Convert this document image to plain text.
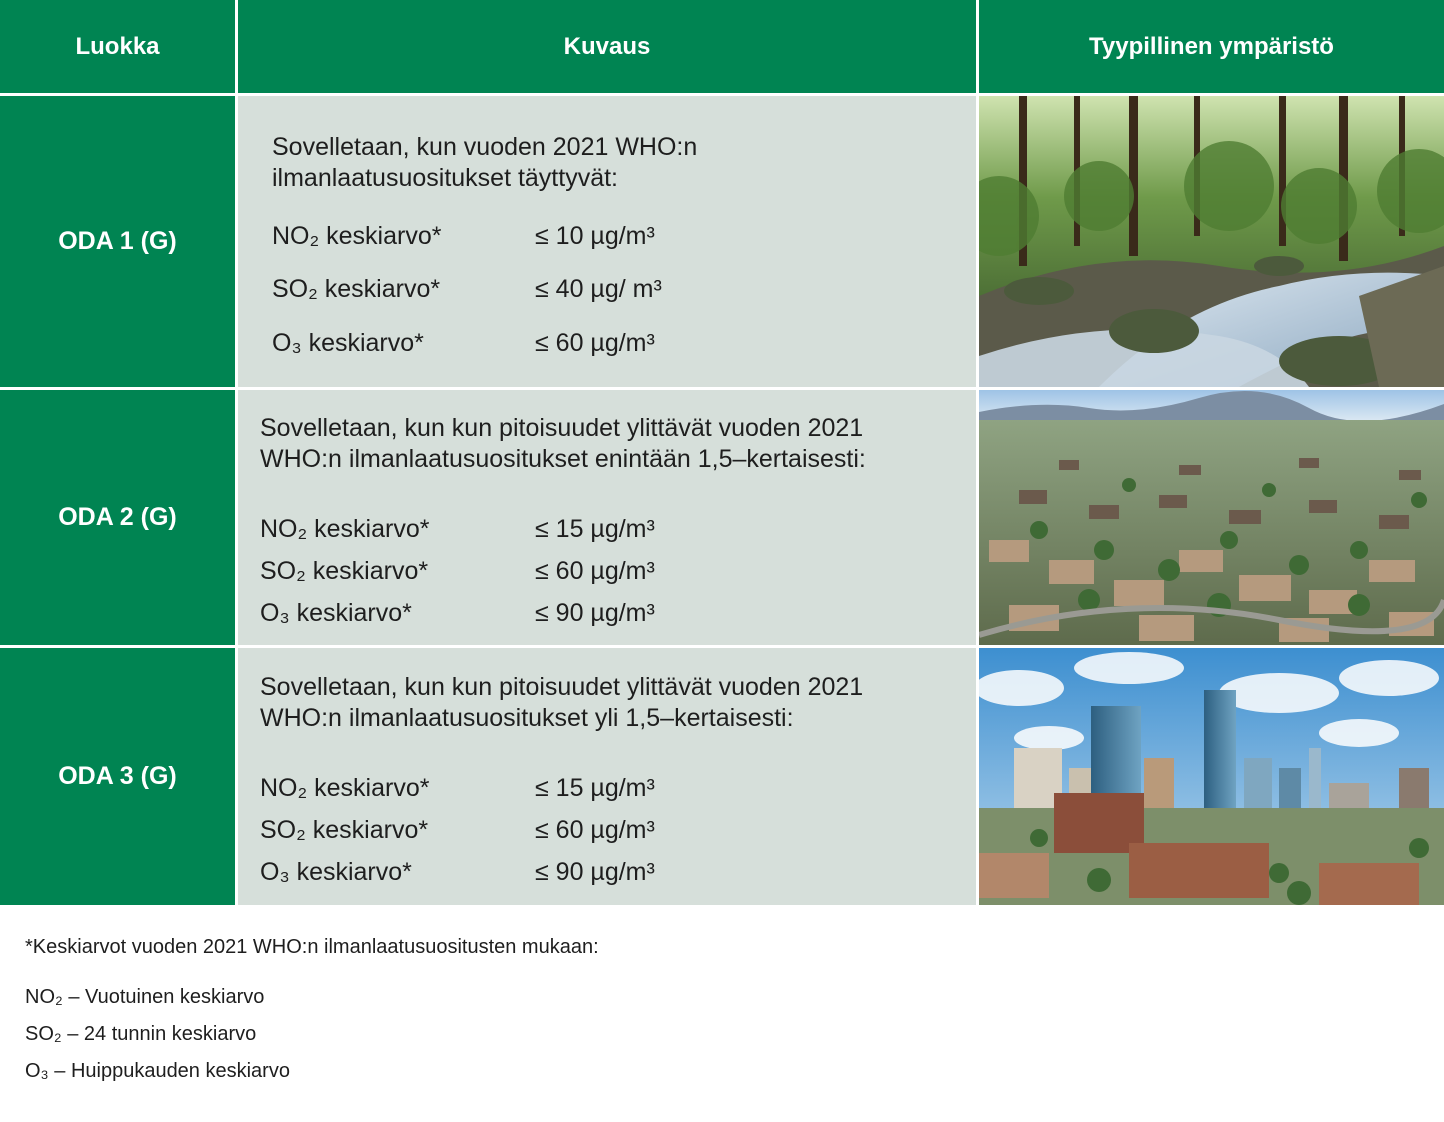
Luokka	Kuvaus	Tyypillinen ympäristö
ODA 1 (G)
Sovelletaan, kun vuoden 2021 WHO:n
ilmanlaatusuositukset täyttyvät:
NO₂ keskiarvo*	≤ 10 µg/m³
SO₂ keskiarvo*	≤ 40 µg/ m³
O₃ keskiarvo*	≤ 60 µg/m³
ODA 2 (G)
Sovelletaan, kun kun pitoisuudet ylittävät vuoden 2021
WHO:n ilmanlaatusuositukset enintään 1,5–kertaisesti:
NO₂ keskiarvo*	≤ 15 µg/m³
SO₂ keskiarvo*	≤ 60 µg/m³
O₃ keskiarvo*	≤ 90 µg/m³
ODA 3 (G)
Sovelletaan, kun kun pitoisuudet ylittävät vuoden 2021
WHO:n ilmanlaatusuositukset yli 1,5–kertaisesti:
NO₂ keskiarvo*	≤ 15 µg/m³
SO₂ keskiarvo*	≤ 60 µg/m³
O₃ keskiarvo*	≤ 90 µg/m³
*Keskiarvot vuoden 2021 WHO:n ilmanlaatusuositusten mukaan:
NO₂ – Vuotuinen keskiarvo
SO₂ – 24 tunnin keskiarvo
O₃ – Huippukauden keskiarvo
